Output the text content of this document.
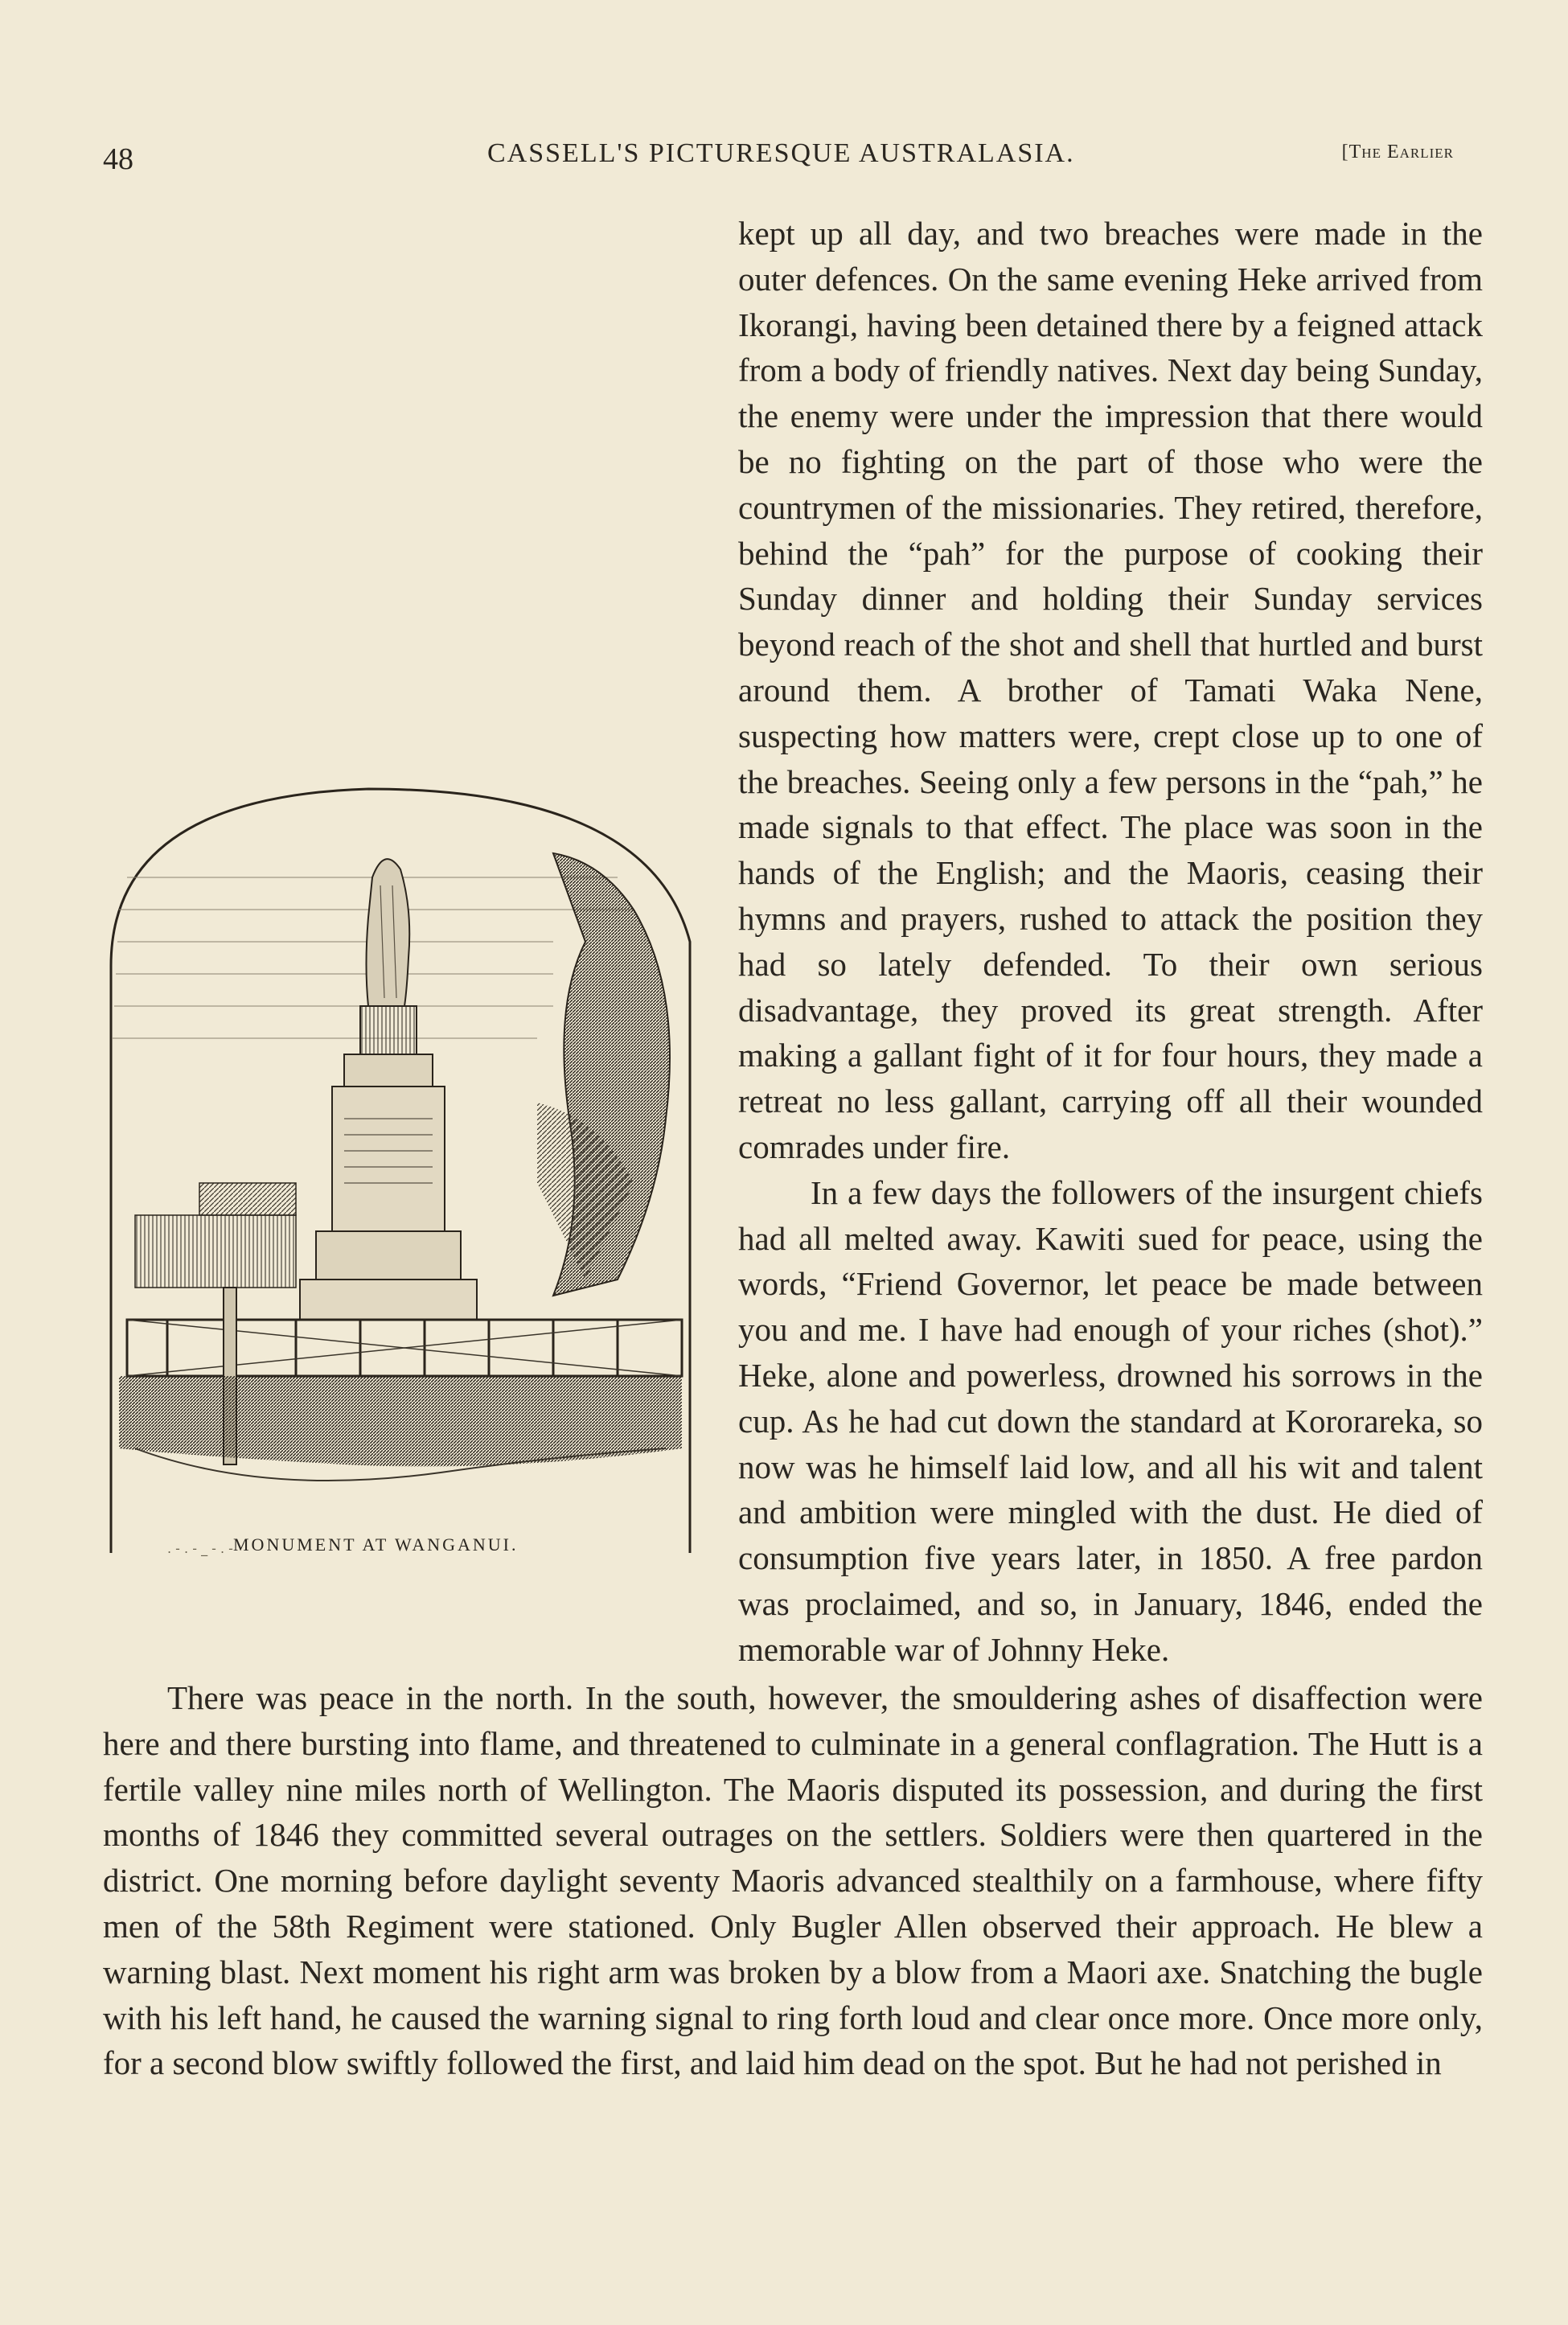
48	CASSELL'S PICTURESQUE AUSTRALASIA.	[The Earlier

kept up all day, and two breaches were made in the outer defences. On the same evening Heke arrived from Ikorangi, having been detained there by a feigned attack from a body of friendly natives. Next day being Sunday, the enemy were under the impression that there would be no fighting on the part of those who were the countrymen of the missionaries. They retired, therefore, behind the “pah” for the purpose of cooking their Sunday dinner and holding their Sunday services beyond reach of the shot and shell that hurtled and burst around them. A brother of Tamati Waka Nene, suspecting how matters were, crept close up to one of the breaches. Seeing only a few persons in the “pah,” he made signals to that effect. The place was soon in the hands of the English; and the Maoris, ceasing their hymns and prayers, rushed to attack the position they had so lately defended. To their own serious disadvantage, they proved its great strength. After making a gallant fight of it for four hours, they made a retreat no less gallant, carrying off all their wounded comrades under fire.

In a few days the followers of the insurgent chiefs had all melted away. Kawiti sued for peace, using the words, “Friend Governor, let peace be made between you and me. I have had enough of your riches (shot).” Heke, alone and powerless, drowned his sorrows in the cup. As he had cut down the standard at Kororareka, so now was he himself laid low, and all his wit and talent and ambition were mingled with the dust. He died of consumption five years later, in 1850. A free pardon was proclaimed, and so, in January, 1846, ended the memorable war of Johnny Heke.

. - . - _ - . - MONUMENT AT WANGANUI.

There was peace in the north. In the south, however, the smouldering ashes of disaffection were here and there bursting into flame, and threatened to culminate in a general conflagration. The Hutt is a fertile valley nine miles north of Wellington. The Maoris disputed its possession, and during the first months of 1846 they committed several outrages on the settlers. Soldiers were then quartered in the district. One morning before daylight seventy Maoris advanced stealthily on a farmhouse, where fifty men of the 58th Regiment were stationed. Only Bugler Allen observed their approach. He blew a warning blast. Next moment his right arm was broken by a blow from a Maori axe. Snatching the bugle with his left hand, he caused the warning signal to ring forth loud and clear once more. Once more only, for a second blow swiftly followed the first, and laid him dead on the spot. But he had not perished in
